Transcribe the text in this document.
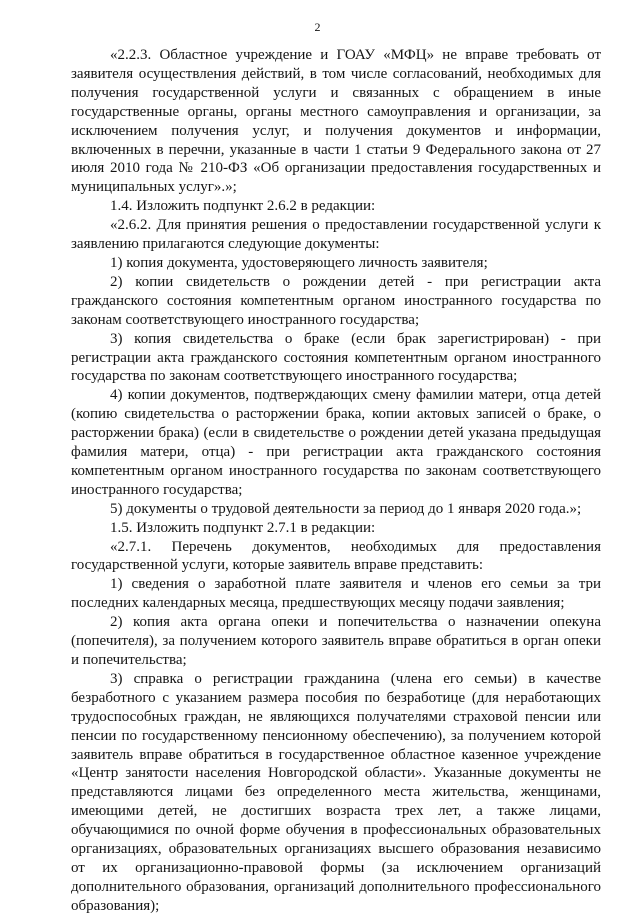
2

«2.2.3. Областное учреждение и ГОАУ «МФЦ» не вправе требовать от заявителя осуществления действий, в том числе согласований, необходимых для получения государственной услуги и связанных с обращением в иные государственные органы, органы местного самоуправления и организации, за исключением получения услуг, и получения документов и информации, включенных в перечни, указанные в части 1 статьи 9 Федерального закона от 27 июля 2010 года № 210-ФЗ «Об организации предоставления государственных и муниципальных услуг».»;

1.4. Изложить подпункт 2.6.2 в редакции:

«2.6.2. Для принятия решения о предоставлении государственной услуги к заявлению прилагаются следующие документы:

1) копия документа, удостоверяющего личность заявителя;

2) копии свидетельств о рождении детей - при регистрации акта гражданского состояния компетентным органом иностранного государства по законам соответствующего иностранного государства;

3) копия свидетельства о браке (если брак зарегистрирован) - при регистрации акта гражданского состояния компетентным органом иностранного государства по законам соответствующего иностранного государства;

4) копии документов, подтверждающих смену фамилии матери, отца детей (копию свидетельства о расторжении брака, копии актовых записей о браке, о расторжении брака) (если в свидетельстве о рождении детей указана предыдущая фамилия матери, отца) - при регистрации акта гражданского состояния компетентным органом иностранного государства по законам соответствующего иностранного государства;

5) документы о трудовой деятельности за период до 1 января 2020 года.»;

1.5. Изложить подпункт 2.7.1 в редакции:

«2.7.1. Перечень документов, необходимых для предоставления государственной услуги, которые заявитель вправе представить:

1) сведения о заработной плате заявителя и членов его семьи за три последних календарных месяца, предшествующих месяцу подачи заявления;

2) копия акта органа опеки и попечительства о назначении опекуна (попечителя), за получением которого заявитель вправе обратиться в орган опеки и попечительства;

3) справка о регистрации гражданина (члена его семьи) в качестве безработного с указанием размера пособия по безработице (для неработающих трудоспособных граждан, не являющихся получателями страховой пенсии или пенсии по государственному пенсионному обеспечению), за получением которой заявитель вправе обратиться в государственное областное казенное учреждение «Центр занятости населения Новгородской области». Указанные документы не представляются лицами без определенного места жительства, женщинами, имеющими детей, не достигших возраста трех лет, а также лицами, обучающимися по очной форме обучения в профессиональных образовательных организациях, образовательных организациях высшего образования независимо от их организационно-правовой формы (за исключением организаций дополнительного образования, организаций дополнительного профессионального образования);
